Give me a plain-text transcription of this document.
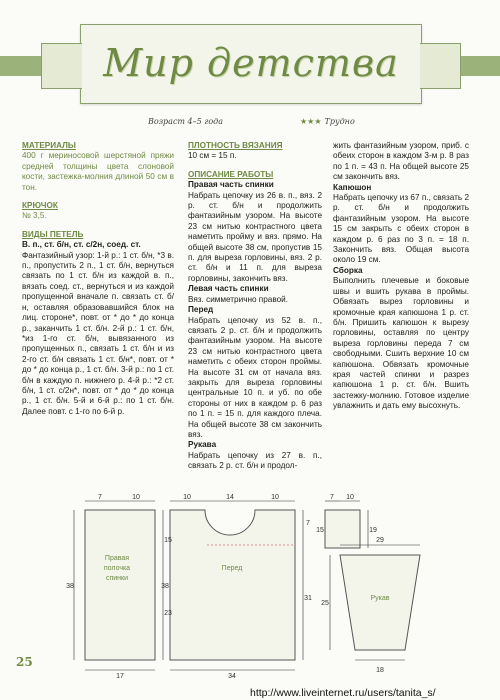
Мир детства
Возраст 4–5 года	★★★ Трудно
МАТЕРИАЛЫ
400 г мериносовой шерстяной пряжи средней толщины цвета слоновой кости, застежка-молния длиной 50 см в тон.
КРЮЧОК
№ 3,5.
ВИДЫ ПЕТЕЛЬ
В. п., ст. б/н, ст. с/2н, соед. ст.
Фантазийный узор: 1-й р.: 1 ст. б/н, *3 в. п., пропустить 2 п., 1 ст. б/н, вернуться связать по 1 ст. б/н из каждой в. п., вязать соед. ст., вернуться и из каждой пропущенной вначале п. связать ст. б/н, оставляя образовавшийся блок на лиц. стороне*, повт. от * до * до конца р., заканчить 1 ст. б/н. 2-й р.: 1 ст. б/н, *из 1-го ст. б/н, вывязанного из пропущенных п., связать 1 ст. б/н и из 2-го ст. б/н связать 1 ст. б/н*, повт. от * до * до конца р., 1 ст. б/н. 3-й р.: по 1 ст. б/н в каждую п. нижнего р. 4-й р.: *2 ст. б/н, 1 ст. с/2н*, повт. от * до * до конца р., 1 ст. б/н. 5-й и 6-й р.: по 1 ст. б/н. Далее повт. с 1-го по 6-й р.
ПЛОТНОСТЬ ВЯЗАНИЯ
10 см = 15 п.
ОПИСАНИЕ РАБОТЫ
Правая часть спинки
Набрать цепочку из 26 в. п., вяз. 2 р. ст. б/н и продолжить фантазийным узором. На высоте 23 см нитью контрастного цвета наметить пройму и вяз. прямо. На общей высоте 38 см, пропустив 15 п. для выреза горловины, вяз. 2 р. ст. б/н и 11 п. для выреза горловины, закончить вяз.
Левая часть спинки
Вяз. симметрично правой.
Перед
Набрать цепочку из 52 в. п., связать 2 р. ст. б/н и продолжить фантазийным узором. На высоте 23 см нитью контрастного цвета наметить с обеих сторон проймы. На высоте 31 см от начала вяз. закрыть для выреза горловины центральные 10 п. и уб. по обе стороны от них в каждом р. 6 раз по 1 п. = 15 п. для каждого плеча. На общей высоте 38 см закончить вяз.
Рукава
Набрать цепочку из 27 в. п., связать 2 р. ст. б/н и продол-
жить фантазийным узором, приб. с обеих сторон в каждом 3-м р. 8 раз по 1 п. = 43 п. На общей высоте 25 см закончить вяз.
Капюшон
Набрать цепочку из 67 п., связать 2 р. ст. б/н и продолжить фантазийным узором. На высоте 15 см закрыть с обеих сторон в каждом р. 6 раз по 3 п. = 18 п. Закончить вяз. Общая высота около 19 см.
Сборка
Выполнить плечевые и боковые швы и вшить рукава в проймы. Обвязать вырез горловины и кромочные края капюшона 1 р. ст. б/н. Пришить капюшон к вырезу горловины, оставляя по центру выреза горловины переда 7 см свободными. Сшить верхние 10 см капюшона. Обвязать кромочные края частей спинки и разрез капюшона 1 р. ст. б/н. Вшить застежку-молнию. Готовое изделие увлажнить и дать ему высохнуть.
Правая
полочка
спинки
7	10
17
38
15
23
Перед
10	14	10
34
38
7
31
7 10
19
15
Рукав
29
18
25
25
http://www.liveinternet.ru/users/tanita_s/
